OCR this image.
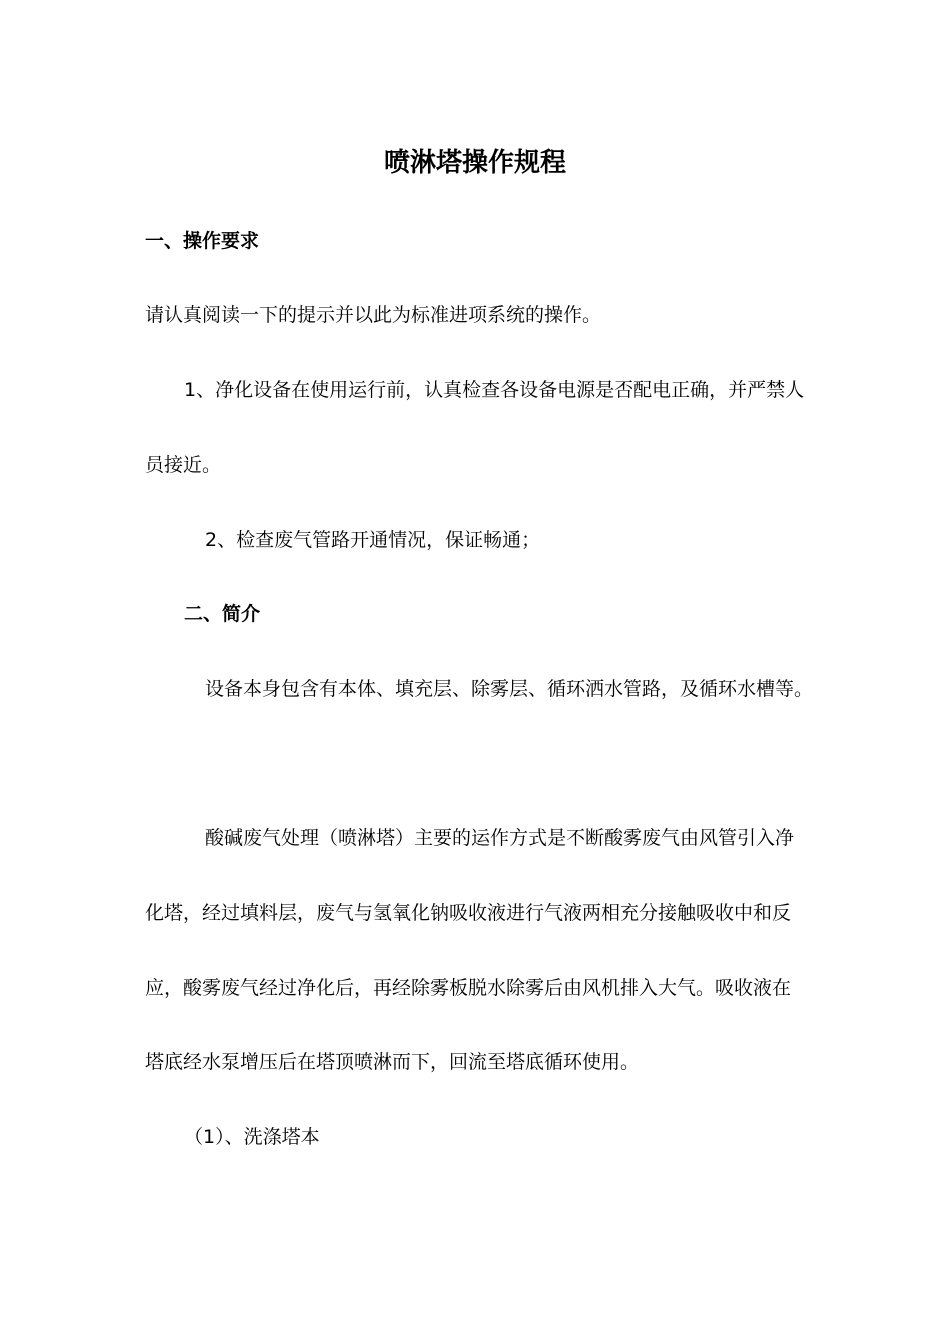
喷淋塔操作规程
一、操作要求
请认真阅读一下的提示并以此为标准进项系统的操作。
1、净化设备在使用运行前，认真检查各设备电源是否配电正确，并严禁人
员接近。
2、检查废气管路开通情况，保证畅通；
二、简介
设备本身包含有本体、填充层、除雾层、循环洒水管路，及循环水槽等。
酸碱废气处理（喷淋塔）主要的运作方式是不断酸雾废气由风管引入净
化塔，经过填料层，废气与氢氧化钠吸收液进行气液两相充分接触吸收中和反
应，酸雾废气经过净化后，再经除雾板脱水除雾后由风机排入大气。吸收液在
塔底经水泵增压后在塔顶喷淋而下，回流至塔底循环使用。
（1）、洗涤塔本
